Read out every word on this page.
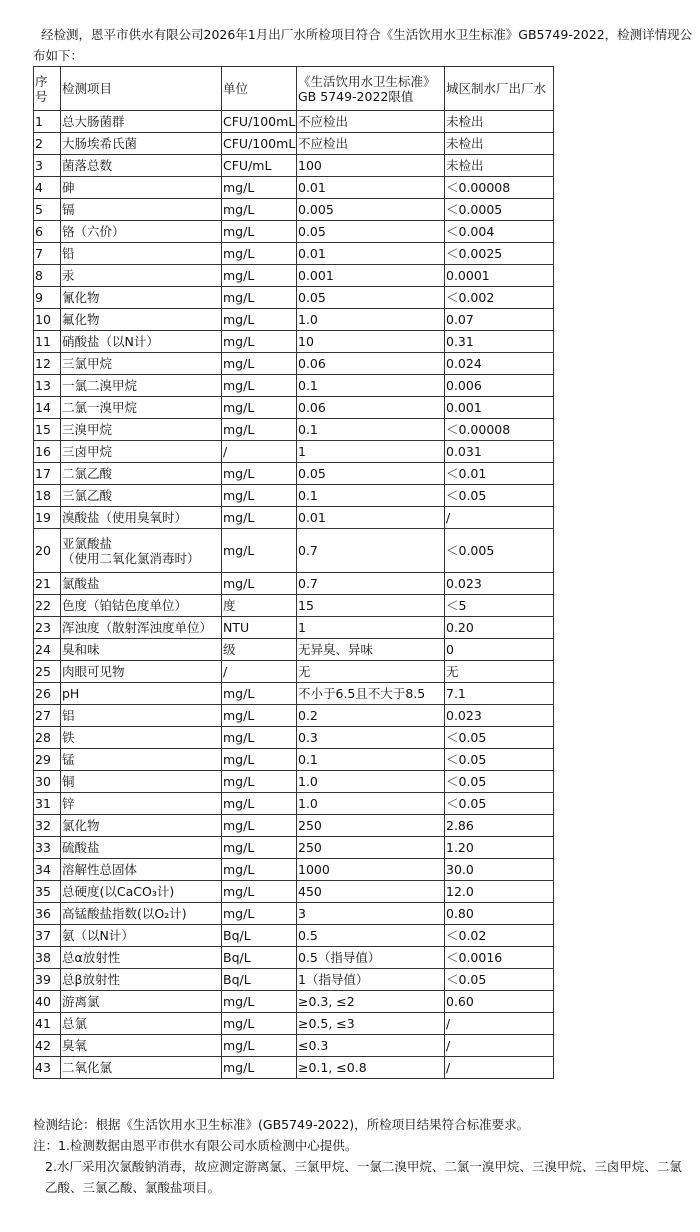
经检测，恩平市供水有限公司2026年1月出厂水所检项目符合《生活饮用水卫生标准》GB5749-2022，检测详情现公布如下：
序号	检测项目	单位	《生活饮用水卫生标准》
GB 5749-2022限值	城区制水厂出厂水
1	总大肠菌群	CFU/100mL	不应检出	未检出
2	大肠埃希氏菌	CFU/100mL	不应检出	未检出
3	菌落总数	CFU/mL	100	未检出
4	砷	mg/L	0.01	＜0.00008
5	镉	mg/L	0.005	＜0.0005
6	铬（六价）	mg/L	0.05	＜0.004
7	铅	mg/L	0.01	＜0.0025
8	汞	mg/L	0.001	0.0001
9	氰化物	mg/L	0.05	＜0.002
10	氟化物	mg/L	1.0	0.07
11	硝酸盐（以N计）	mg/L	10	0.31
12	三氯甲烷	mg/L	0.06	0.024
13	一氯二溴甲烷	mg/L	0.1	0.006
14	二氯一溴甲烷	mg/L	0.06	0.001
15	三溴甲烷	mg/L	0.1	＜0.00008
16	三卤甲烷	/	1	0.031
17	二氯乙酸	mg/L	0.05	＜0.01
18	三氯乙酸	mg/L	0.1	＜0.05
19	溴酸盐（使用臭氧时）	mg/L	0.01	/
20	亚氯酸盐
（使用二氧化氯消毒时）	mg/L	0.7	＜0.005
21	氯酸盐	mg/L	0.7	0.023
22	色度（铂钴色度单位）	度	15	＜5
23	浑浊度（散射浑浊度单位）	NTU	1	0.20
24	臭和味	级	无异臭、异味	0
25	肉眼可见物	/	无	无
26	pH	mg/L	不小于6.5且不大于8.5	7.1
27	铝	mg/L	0.2	0.023
28	铁	mg/L	0.3	＜0.05
29	锰	mg/L	0.1	＜0.05
30	铜	mg/L	1.0	＜0.05
31	锌	mg/L	1.0	＜0.05
32	氯化物	mg/L	250	2.86
33	硫酸盐	mg/L	250	1.20
34	溶解性总固体	mg/L	1000	30.0
35	总硬度(以CaCO₃计)	mg/L	450	12.0
36	高锰酸盐指数(以O₂计)	mg/L	3	0.80
37	氨（以N计）	Bq/L	0.5	＜0.02
38	总α放射性	Bq/L	0.5（指导值）	＜0.0016
39	总β放射性	Bq/L	1（指导值）	＜0.05
40	游离氯	mg/L	≥0.3, ≤2	0.60
41	总氯	mg/L	≥0.5, ≤3	/
42	臭氧	mg/L	≤0.3	/
43	二氧化氯	mg/L	≥0.1, ≤0.8	/

检测结论：根据《生活饮用水卫生标准》(GB5749-2022)，所检项目结果符合标准要求。

注：1.检测数据由恩平市供水有限公司水质检测中心提供。

2.水厂采用次氯酸钠消毒，故应测定游离氯、三氯甲烷、一氯二溴甲烷、二氯一溴甲烷、三溴甲烷、三卤甲烷、二氯乙酸、三氯乙酸、氯酸盐项目。
